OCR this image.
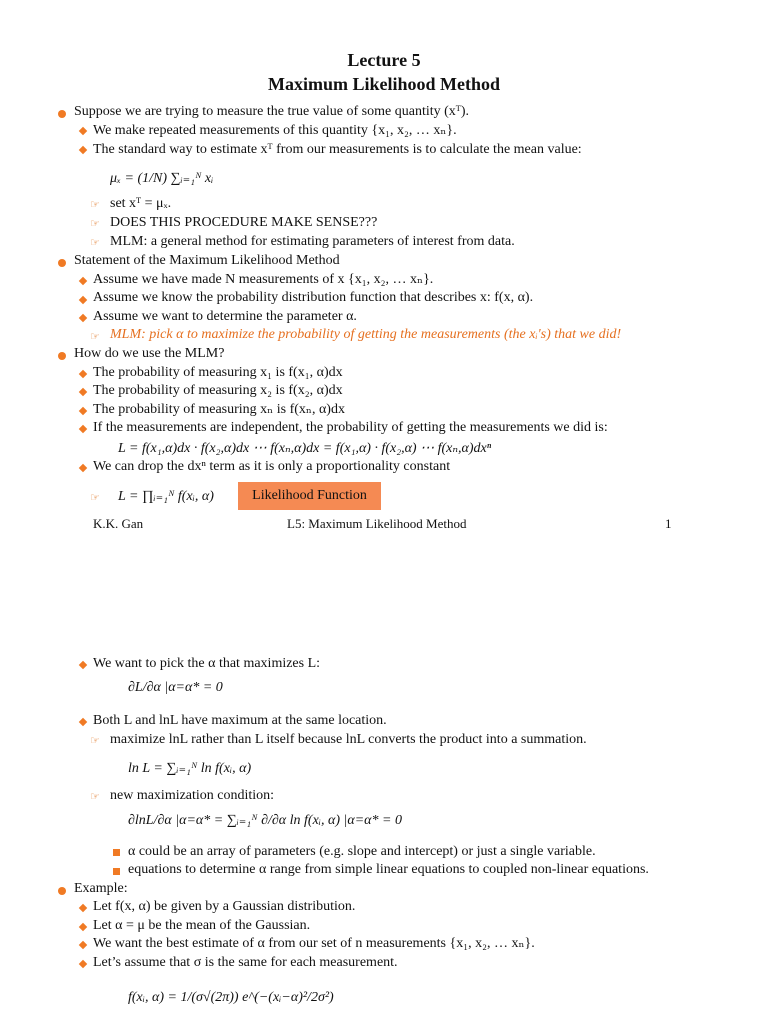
Lecture 5
Maximum Likelihood Method
Suppose we are trying to measure the true value of some quantity (xᵀ).
We make repeated measurements of this quantity {x₁, x₂, … xₙ}.
The standard way to estimate xᵀ from our measurements is to calculate the mean value:
μₓ = (1/N) ∑ᵢ₌₁ᴺ xᵢ
☞ set xᵀ = μₓ.
☞ DOES THIS PROCEDURE MAKE SENSE???
☞ MLM: a general method for estimating parameters of interest from data.
Statement of the Maximum Likelihood Method
Assume we have made N measurements of x {x₁, x₂, … xₙ}.
Assume we know the probability distribution function that describes x: f(x, α).
Assume we want to determine the parameter α.
☞ MLM: pick α to maximize the probability of getting the measurements (the xᵢ's) that we did!
How do we use the MLM?
The probability of measuring x₁ is f(x₁, α)dx
The probability of measuring x₂ is f(x₂, α)dx
The probability of measuring xₙ is f(xₙ, α)dx
If the measurements are independent, the probability of getting the measurements we did is:
L = f(x₁,α)dx · f(x₂,α)dx ⋯ f(xₙ,α)dx = f(x₁,α) · f(x₂,α) ⋯ f(xₙ,α)dxⁿ
We can drop the dxⁿ term as it is only a proportionality constant
☞ L = ∏ᵢ₌₁ᴺ f(xᵢ, α)	Likelihood Function
K.K. Gan	L5: Maximum Likelihood Method	1
We want to pick the α that maximizes L:
∂L/∂α |α=α* = 0
Both L and lnL have maximum at the same location.
☞ maximize lnL rather than L itself because lnL converts the product into a summation.
ln L = ∑ᵢ₌₁ᴺ ln f(xᵢ, α)
☞ new maximization condition:
∂lnL/∂α |α=α* = ∑ᵢ₌₁ᴺ ∂/∂α ln f(xᵢ, α) |α=α* = 0
α could be an array of parameters (e.g. slope and intercept) or just a single variable.
equations to determine α range from simple linear equations to coupled non-linear equations.
Example:
Let f(x, α) be given by a Gaussian distribution.
Let α = μ be the mean of the Gaussian.
We want the best estimate of α from our set of n measurements {x₁, x₂, … xₙ}.
Let’s assume that σ is the same for each measurement.
f(xᵢ, α) = 1/(σ√(2π)) e^(−(xᵢ−α)²/2σ²)
